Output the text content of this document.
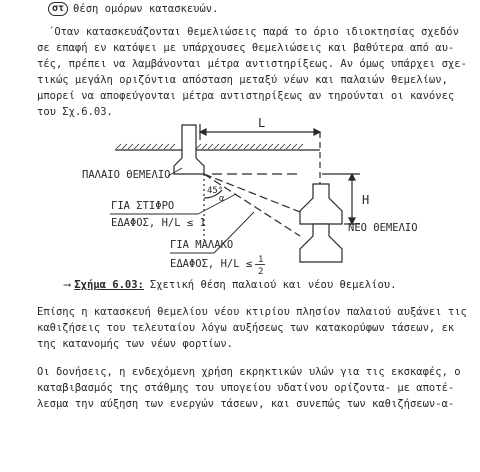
στ θέση ομόρων κατασκευών.
΄Οταν κατασκευάζονται θεμελιώσεις παρά το όριο ιδιοκτησίας σχεδόν
σε επαφή εν κατόψει με υπάρχουσες θεμελιώσεις και βαθύτερα από αυ-
τές, πρέπει να λαμβάνονται μέτρα αντιστηρίξεως. Αν όμως υπάρχει σχε-
τικώς μεγάλη οριζόντια απόσταση μεταξύ νέων και παλαιών θεμελίων,
μπορεί να αποφεύγονται μέτρα αντιστηρίξεως αν τηρούνται οι κανόνες
του Σχ.6.03.
L
H
ΠΑΛΑΙΟ ΘΕΜΕΛΙΟ
ΝΕΟ ΘΕΜΕΛΙΟ
ΓΙΑ ΣΤΙΦΡΟ
ΕΔΑΦΟΣ, H/L ≤ 1
ΓΙΑ ΜΑΛΑΚΟ
ΕΔΑΦΟΣ, H/L ≤ 1
2
45°
α
⟶ Σχήμα 6.03: Σχετική θέση παλαιού και νέου θεμελίου.
Επίσης η κατασκευή θεμελίου νέου κτιρίου πλησίον παλαιού αυξάνει τις
καθιζήσεις του τελευταίου λόγω αυξήσεως των κατακορύφων τάσεων, εκ
της κατανομής των νέων φορτίων.
Οι δονήσεις, η ενδεχόμενη χρήση εκρηκτικών υλών για τις εκσκαφές, ο
καταβιβασμός της στάθμης του υπογείου υδατίνου ορίζοντα- με αποτέ-
λεσμα την αύξηση των ενεργών τάσεων, και συνεπώς των καθιζήσεων-α-
